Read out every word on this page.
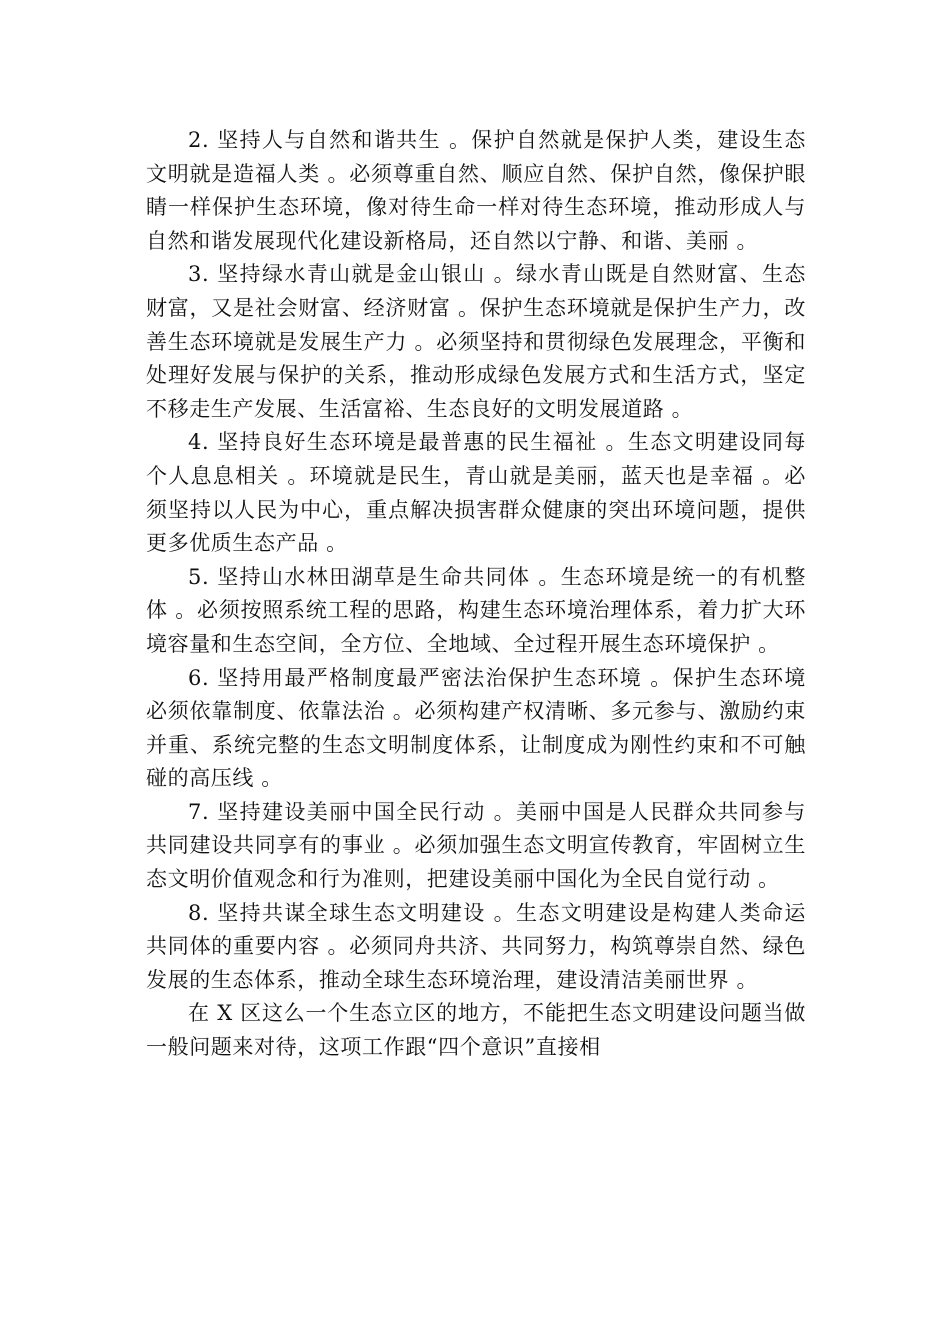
2. 坚持人与自然和谐共生 。保护自然就是保护人类，建设生态文明就是造福人类 。必须尊重自然、顺应自然、保护自然，像保护眼睛一样保护生态环境，像对待生命一样对待生态环境，推动形成人与自然和谐发展现代化建设新格局，还自然以宁静、和谐、美丽 。

3. 坚持绿水青山就是金山银山 。绿水青山既是自然财富、生态财富，又是社会财富、经济财富 。保护生态环境就是保护生产力，改善生态环境就是发展生产力 。必须坚持和贯彻绿色发展理念，平衡和处理好发展与保护的关系，推动形成绿色发展方式和生活方式，坚定不移走生产发展、生活富裕、生态良好的文明发展道路 。

4. 坚持良好生态环境是最普惠的民生福祉 。生态文明建设同每个人息息相关 。环境就是民生，青山就是美丽，蓝天也是幸福 。必须坚持以人民为中心，重点解决损害群众健康的突出环境问题，提供更多优质生态产品 。

5. 坚持山水林田湖草是生命共同体 。生态环境是统一的有机整体 。必须按照系统工程的思路，构建生态环境治理体系，着力扩大环境容量和生态空间，全方位、全地域、全过程开展生态环境保护 。

6. 坚持用最严格制度最严密法治保护生态环境 。保护生态环境必须依靠制度、依靠法治 。必须构建产权清晰、多元参与、激励约束并重、系统完整的生态文明制度体系，让制度成为刚性约束和不可触碰的高压线 。

7. 坚持建设美丽中国全民行动 。美丽中国是人民群众共同参与共同建设共同享有的事业 。必须加强生态文明宣传教育，牢固树立生态文明价值观念和行为准则，把建设美丽中国化为全民自觉行动 。

8. 坚持共谋全球生态文明建设 。生态文明建设是构建人类命运共同体的重要内容 。必须同舟共济、共同努力，构筑尊崇自然、绿色发展的生态体系，推动全球生态环境治理，建设清洁美丽世界 。

在 X 区这么一个生态立区的地方，不能把生态文明建设问题当做一般问题来对待，这项工作跟“四个意识”直接相
